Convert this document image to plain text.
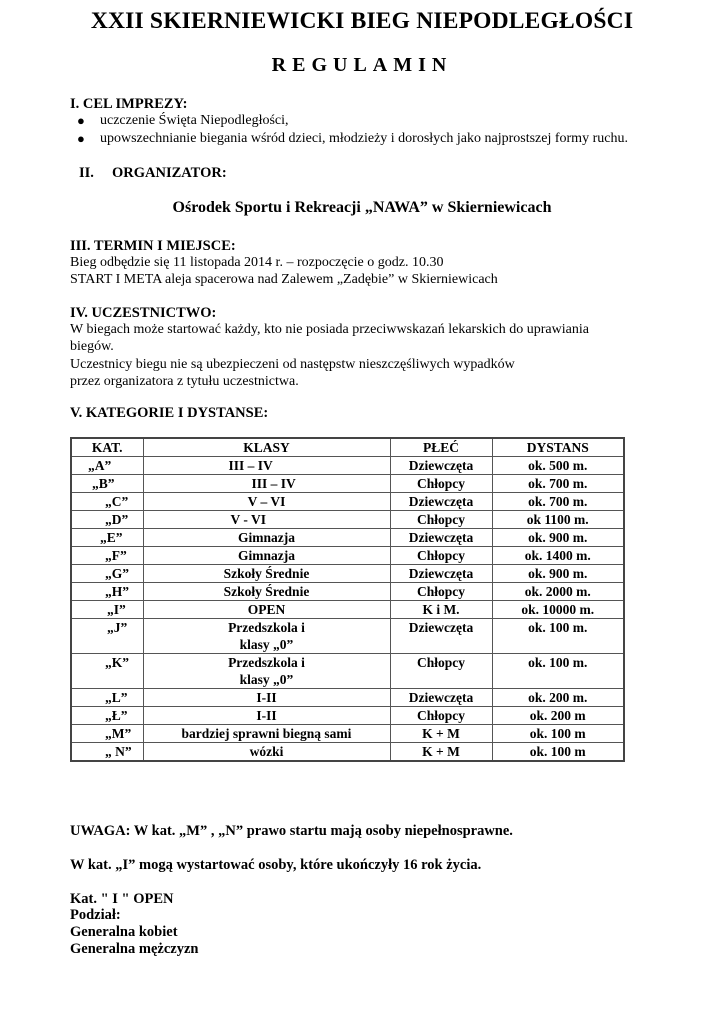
XXII SKIERNIEWICKI BIEG NIEPODLEGŁOŚCI
REGULAMIN
I. CEL IMPREZY:
● uczczenie Święta Niepodległości,
● upowszechnianie biegania wśród dzieci, młodzieży i dorosłych jako najprostszej formy ruchu.
II. ORGANIZATOR:
Ośrodek Sportu i Rekreacji „NAWA” w Skierniewicach
III. TERMIN I MIEJSCE:
Bieg odbędzie się 11 listopada 2014 r. – rozpoczęcie o godz. 10.30
START I META aleja spacerowa nad Zalewem „Zadębie” w Skierniewicach
IV. UCZESTNICTWO:
W biegach może startować każdy, kto nie posiada przeciwwskazań lekarskich do uprawiania
biegów.
Uczestnicy biegu nie są ubezpieczeni od następstw nieszczęśliwych wypadków
przez organizatora z tytułu uczestnictwa.
V. KATEGORIE I DYSTANSE:
KAT.	KLASY	PŁEĆ	DYSTANS
„A”	III – IV	Dziewczęta	ok. 500 m.
„B”	III – IV	Chłopcy	ok. 700 m.
„C”	V – VI	Dziewczęta	ok. 700 m.
„D”	V - VI	Chłopcy	ok 1100 m.
„E”	Gimnazja	Dziewczęta	ok. 900 m.
„F”	Gimnazja	Chłopcy	ok. 1400 m.
„G”	Szkoły Średnie	Dziewczęta	ok. 900 m.
„H”	Szkoły Średnie	Chłopcy	ok. 2000 m.
„I”	OPEN	K i M.	ok. 10000 m.
„J”	Przedszkola i
klasy „0”	Dziewczęta	ok. 100 m.
„K”	Przedszkola i
klasy „0”	Chłopcy	ok. 100 m.
„L”	I-II	Dziewczęta	ok. 200 m.
„Ł”	I-II	Chłopcy	ok. 200 m
„M”	bardziej sprawni biegną sami	K + M	ok. 100 m
„ N”	wózki	K + M	ok. 100 m
UWAGA: W kat. „M” , „N” prawo startu mają osoby niepełnosprawne.
W kat. „I” mogą wystartować osoby, które ukończyły 16 rok życia.
Kat. " I " OPEN
Podział:
Generalna kobiet
Generalna mężczyzn
